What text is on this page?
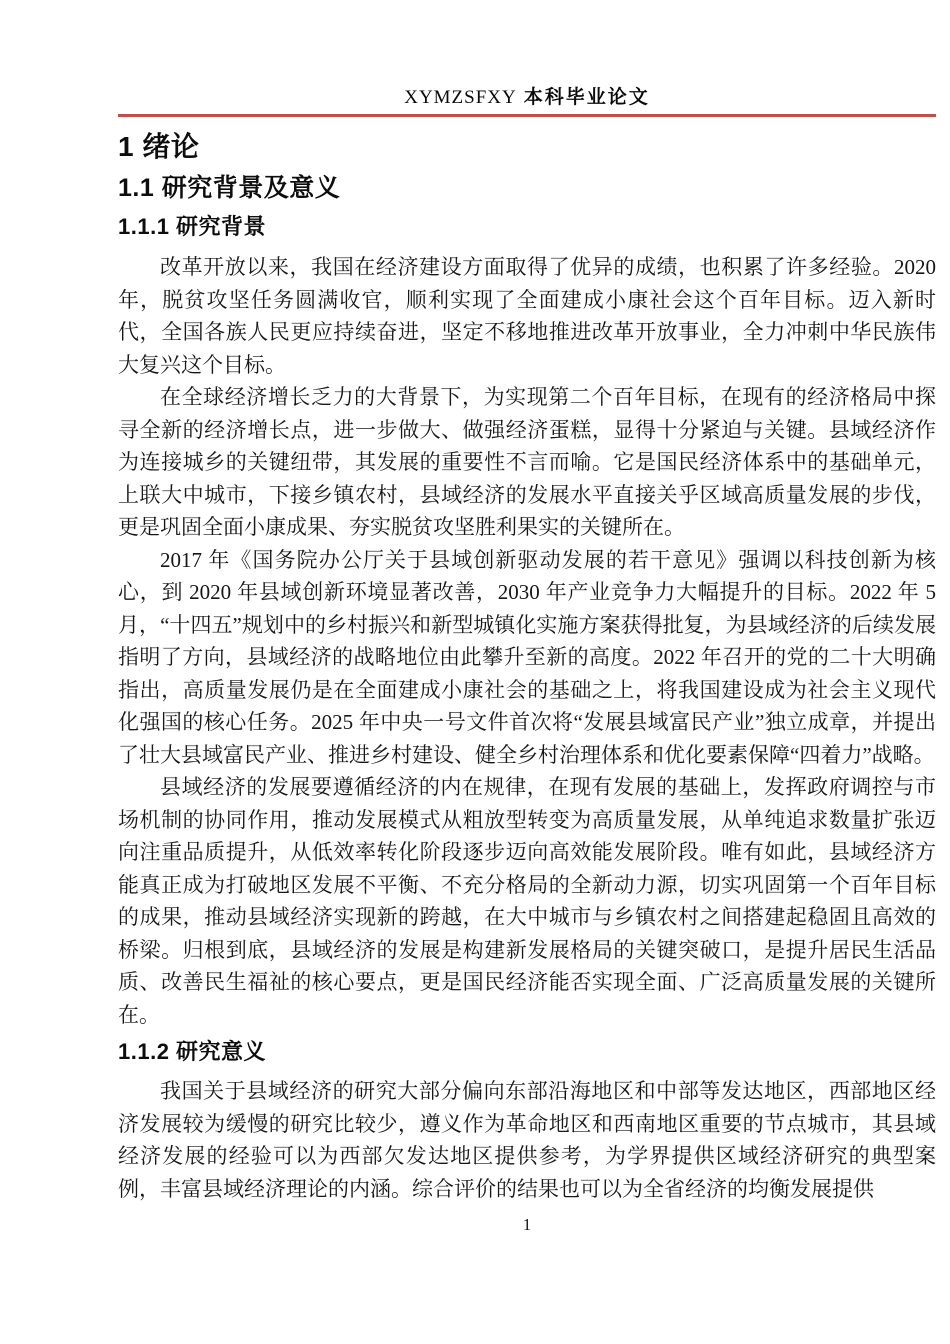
XYMZSFXY 本科毕业论文
1 绪论
1.1 研究背景及意义
1.1.1 研究背景

改革开放以来，我国在经济建设方面取得了优异的成绩，也积累了许多经验。2020 年，脱贫攻坚任务圆满收官，顺利实现了全面建成小康社会这个百年目标。迈入新时代，全国各族人民更应持续奋进，坚定不移地推进改革开放事业，全力冲刺中华民族伟大复兴这个目标。

在全球经济增长乏力的大背景下，为实现第二个百年目标，在现有的经济格局中探寻全新的经济增长点，进一步做大、做强经济蛋糕，显得十分紧迫与关键。县域经济作为连接城乡的关键纽带，其发展的重要性不言而喻。它是国民经济体系中的基础单元，上联大中城市，下接乡镇农村，县域经济的发展水平直接关乎区域高质量发展的步伐，更是巩固全面小康成果、夯实脱贫攻坚胜利果实的关键所在。

2017 年《国务院办公厅关于县域创新驱动发展的若干意见》强调以科技创新为核心，到 2020 年县域创新环境显著改善，2030 年产业竞争力大幅提升的目标。2022 年 5 月，“十四五”规划中的乡村振兴和新型城镇化实施方案获得批复，为县域经济的后续发展指明了方向，县域经济的战略地位由此攀升至新的高度。2022 年召开的党的二十大明确指出，高质量发展仍是在全面建成小康社会的基础之上，将我国建设成为社会主义现代化强国的核心任务。2025 年中央一号文件首次将“发展县域富民产业”独立成章，并提出了壮大县域富民产业、推进乡村建设、健全乡村治理体系和优化要素保障“四着力”战略。

县域经济的发展要遵循经济的内在规律，在现有发展的基础上，发挥政府调控与市场机制的协同作用，推动发展模式从粗放型转变为高质量发展，从单纯追求数量扩张迈向注重品质提升，从低效率转化阶段逐步迈向高效能发展阶段。唯有如此，县域经济方能真正成为打破地区发展不平衡、不充分格局的全新动力源，切实巩固第一个百年目标的成果，推动县域经济实现新的跨越，在大中城市与乡镇农村之间搭建起稳固且高效的桥梁。归根到底，县域经济的发展是构建新发展格局的关键突破口，是提升居民生活品质、改善民生福祉的核心要点，更是国民经济能否实现全面、广泛高质量发展的关键所在。

1.1.2 研究意义

我国关于县域经济的研究大部分偏向东部沿海地区和中部等发达地区，西部地区经济发展较为缓慢的研究比较少，遵义作为革命地区和西南地区重要的节点城市，其县域经济发展的经验可以为西部欠发达地区提供参考，为学界提供区域经济研究的典型案例，丰富县域经济理论的内涵。综合评价的结果也可以为全省经济的均衡发展提供

1
